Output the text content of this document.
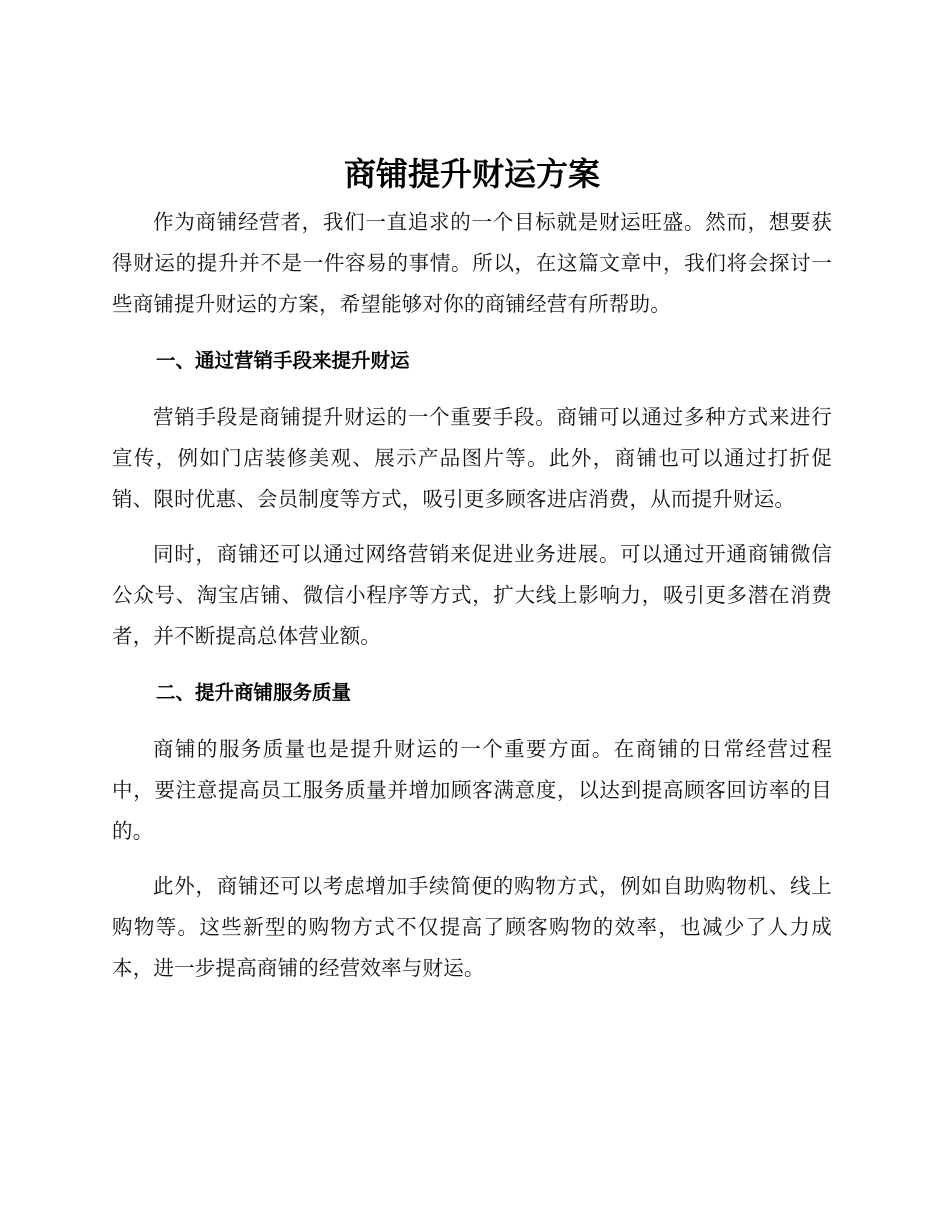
商铺提升财运方案

作为商铺经营者，我们一直追求的一个目标就是财运旺盛。然而，想要获得财运的提升并不是一件容易的事情。所以，在这篇文章中，我们将会探讨一些商铺提升财运的方案，希望能够对你的商铺经营有所帮助。

一、通过营销手段来提升财运

营销手段是商铺提升财运的一个重要手段。商铺可以通过多种方式来进行宣传，例如门店装修美观、展示产品图片等。此外，商铺也可以通过打折促销、限时优惠、会员制度等方式，吸引更多顾客进店消费，从而提升财运。

同时，商铺还可以通过网络营销来促进业务进展。可以通过开通商铺微信公众号、淘宝店铺、微信小程序等方式，扩大线上影响力，吸引更多潜在消费者，并不断提高总体营业额。

二、提升商铺服务质量

商铺的服务质量也是提升财运的一个重要方面。在商铺的日常经营过程中，要注意提高员工服务质量并增加顾客满意度，以达到提高顾客回访率的目的。

此外，商铺还可以考虑增加手续简便的购物方式，例如自助购物机、线上购物等。这些新型的购物方式不仅提高了顾客购物的效率，也减少了人力成本，进一步提高商铺的经营效率与财运。
